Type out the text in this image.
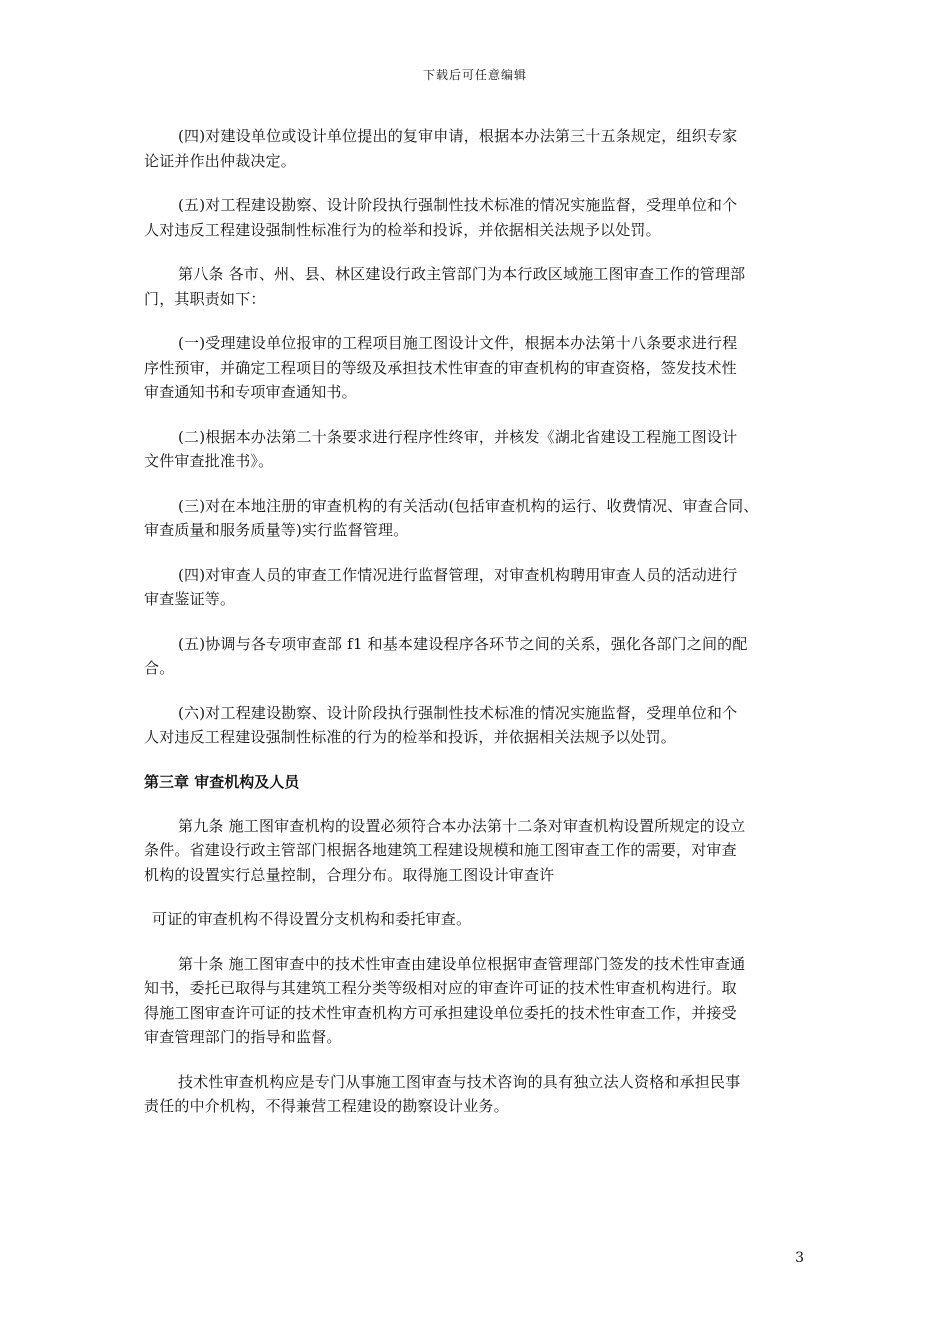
下载后可任意编辑
(四)对建设单位或设计单位提出的复审申请，根据本办法第三十五条规定，组织专家
论证并作出仲裁决定。
(五)对工程建设勘察、设计阶段执行强制性技术标准的情况实施监督，受理单位和个
人对违反工程建设强制性标准行为的检举和投诉，并依据相关法规予以处罚。
第八条 各市、州、县、林区建设行政主管部门为本行政区域施工图审查工作的管理部
门，其职责如下：
(一)受理建设单位报审的工程项目施工图设计文件，根据本办法第十八条要求进行程
序性预审，并确定工程项目的等级及承担技术性审查的审查机构的审查资格，签发技术性
审查通知书和专项审查通知书。
(二)根据本办法第二十条要求进行程序性终审，并核发《湖北省建设工程施工图设计
文件审查批准书》。
(三)对在本地注册的审查机构的有关活动(包括审查机构的运行、收费情况、审查合同、
审查质量和服务质量等)实行监督管理。
(四)对审查人员的审查工作情况进行监督管理，对审查机构聘用审查人员的活动进行
审查鉴证等。
(五)协调与各专项审查部 f1 和基本建设程序各环节之间的关系，强化各部门之间的配
合。
(六)对工程建设勘察、设计阶段执行强制性技术标准的情况实施监督，受理单位和个
人对违反工程建设强制性标准的行为的检举和投诉，并依据相关法规予以处罚。
第三章 审查机构及人员
第九条 施工图审查机构的设置必须符合本办法第十二条对审查机构设置所规定的设立
条件。省建设行政主管部门根据各地建筑工程建设规模和施工图审查工作的需要，对审查
机构的设置实行总量控制，合理分布。取得施工图设计审查许
可证的审查机构不得设置分支机构和委托审查。
第十条 施工图审查中的技术性审查由建设单位根据审查管理部门签发的技术性审查通
知书，委托已取得与其建筑工程分类等级相对应的审查许可证的技术性审查机构进行。取
得施工图审查许可证的技术性审查机构方可承担建设单位委托的技术性审查工作，并接受
审查管理部门的指导和监督。
技术性审查机构应是专门从事施工图审查与技术咨询的具有独立法人资格和承担民事
责任的中介机构，不得兼营工程建设的勘察设计业务。
3
